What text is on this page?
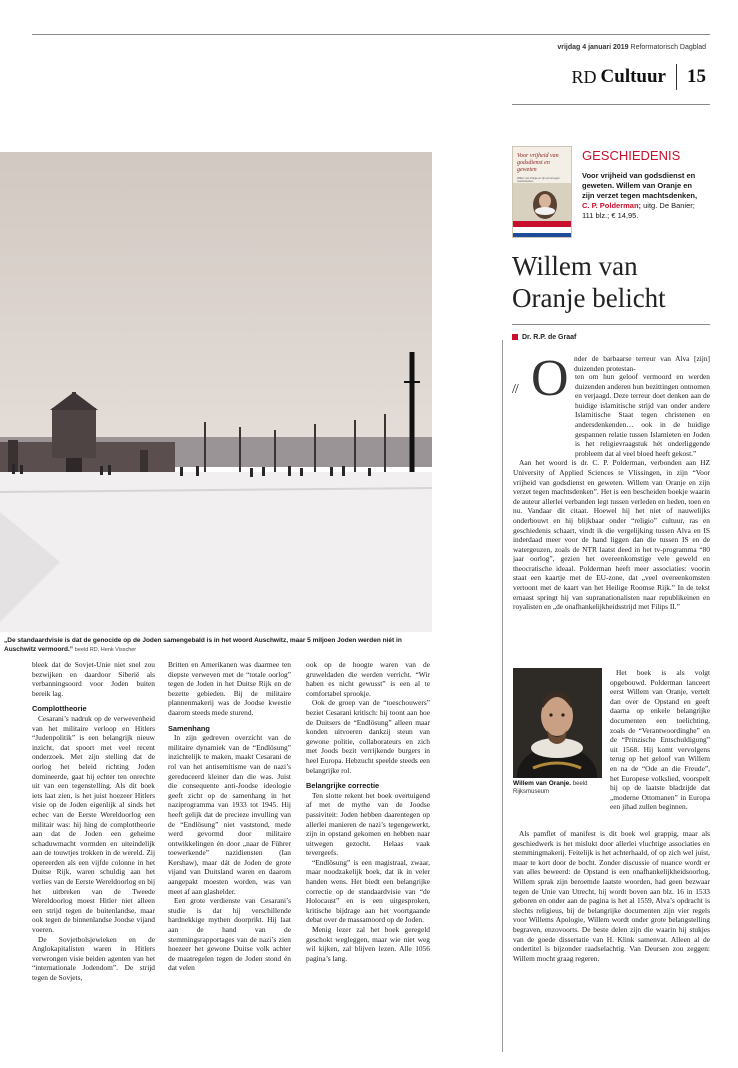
vrijdag 4 januari 2019 Reformatorisch Dagblad
RD Cultuur 15
„De standaardvisie is dat de genocide op de Joden samengebald is in het woord Auschwitz, maar 5 miljoen Joden werden niét in Auschwitz vermoord.” beeld RD, Henk Visscher
Voor vrijheid van godsdienst en geweten
Willem van Oranje en zijn verzet tegen machtsdenken
GESCHIEDENIS
Voor vrijheid van godsdienst en geweten. Willem van Oranje en zijn verzet tegen machtsdenken, C. P. Polderman; uitg. De Banier; 111 blz.; € 14,95.
Willem van Oranje belicht
Dr. R.P. de Graaf
O
//

nder de barbaarse terreur van Alva [zijn] duizenden protestan-

ten om hun geloof vermoord en werden duizenden anderen hun bezittingen ontnomen en verjaagd. Deze terreur doet denken aan de huidige islamitische strijd van onder andere Islamitische Staat tegen christenen en andersdenkenden… ook in de huidige gespannen relatie tussen Islamieten en Joden is het religievraagstuk hét onderliggende probleem dat al veel bloed heeft gekost.”

Aan het woord is dr. C. P. Polderman, verbonden aan HZ University of Applied Sciences te Vlissingen, in zijn “Voor vrijheid van godsdienst en geweten. Willem van Oranje en zijn verzet tegen machtsdenken”. Het is een bescheiden boekje waarin de auteur allerlei verbanden legt tussen verleden en heden, toen en nu. Vandaar dit citaat. Hoewel hij het niet of nauwelijks onderbouwt en hij blijkbaar onder “religio” cultuur, ras en geschiedenis schaart, vindt ik die vergelijking tussen Alva en IS inderdaad meer voor de hand liggen dan die tussen IS en de watergeuzen, zoals de NTR laatst deed in het tv-programma “80 jaar oorlog”, gezien het overeenkomstige vele geweld en theocratische ideaal. Polderman heeft meer associaties: voorin staat een kaartje met de EU-zone, dat „veel overeenkomsten vertoont met de kaart van het Heilige Roomse Rijk.” In de tekst ernaast springt hij van supranationalisten naar republikeinen en royalisten en „de onafhankelijkheidsstrijd met Filips II.”

Willem van Oranje. beeld Rijksmuseum

Het boek is als volgt opgebouwd. Polderman lanceert eerst Willem van Oranje, vertelt dan over de Opstand en geeft daarna op enkele belangrijke documenten een toelichting, zoals de “Verantwoordinghe” en de “Prinzische Entschuldigung” uit 1568. Hij komt vervolgens terug op het geloof van Willem en na de “Ode an die Freude”, het Europese volkslied, voorspelt hij op de laatste bladzijde dat „moderne Ottomanen” in Europa een jihad zullen beginnen.

Als pamflet of manifest is dit boek wel grappig, maar als geschiedwerk is het mislukt door allerlei vluchtige associaties en stemmingmakerij. Feitelijk is het achterhaald, of op zich wel juist, maar te kort door de bocht. Zonder discussie of nuance wordt er van alles beweerd: de Opstand is een onafhankelijkheidsoorlog, Willem sprak zijn beroemde laatste woorden, had geen bezwaar tegen de Unie van Utrecht, hij wordt boven aan blz. 16 in 1533 geboren en onder aan de pagina is het al 1559, Alva’s opdracht is slechts religieus, bij de belangrijke documenten zijn vier regels voor Willems Apologie, Willem wordt onder grote belangstelling begraven, enzovoorts. De beste delen zijn die waarin hij stukjes van de goede dissertatie van H. Klink samenvat. Alleen al de ondertitel is bijzonder raadselachtig. Van Deursen zou zeggen: Willem mocht graag regeren.

bleek dat de Sovjet-Unie niet snel zou bezwijken en daardoor Siberië als verbanningsoord voor Joden buiten bereik lag.

Complottheorie

Cesarani’s nadruk op de verwevenheid van het militaire verloop en Hitlers “Judenpolitik” is een belangrijk nieuw inzicht, dat spoort met veel recent onderzoek. Met zijn stelling dat de oorlog het beleid richting Joden domineerde, gaat hij echter ten onrechte uit van een tegenstelling. Als dit boek iets laat zien, is het juist hoezeer Hitlers visie op de Joden eigenlijk al sinds het echec van de Eerste Wereldoorlog een militair was: hij hing de complottheorie aan dat de Joden een geheime schaduwmacht vormden en uiteindelijk aan de touwtjes trokken in de wereld. Zij opereerden als een vijfde colonne in het Duitse Rijk, waren schuldig aan het verlies van de Eerste Wereldoorlog en bij het uitbreken van de Tweede Wereldoorlog moest Hitler niet alleen een strijd tegen de buitenlandse, maar ook tegen de binnenlandse Joodse vijand voeren.

De Sovjetbolsjewieken en de Anglokapitalisten waren in Hitlers verwrongen visie beiden agenten van het “internationale Jodendom”. De strijd tegen de Sovjets,

Britten en Amerikanen was daarmee ten diepste verweven met de “totale oorlog” tegen de Joden in het Duitse Rijk en de bezette gebieden. Bij de militaire plannenmakerij was de Joodse kwestie daarom steeds mede sturend.

Samenhang

In zijn gedreven overzicht van de militaire dynamiek van de “Endlösung” inzichtelijk te maken, maakt Cesarani de rol van het antisemitisme van de nazi’s gereduceerd kleiner dan die was. Juist die consequente anti-Joodse ideologie geeft zicht op de samenhang in het naziprogramma van 1933 tot 1945. Hij heeft gelijk dat de precieze invulling van de “Endlösung” niet vaststond, mede werd gevormd door militaire ontwikkelingen én door „naar de Führer toewerkende” nazidiensten (Ian Kershaw), maar dát de Joden de grote vijand van Duitsland waren en daarom aangepakt moesten worden, was van meet af aan glashelder.

Een grote verdienste van Cesarani’s studie is dat hij verschillende hardnekkige mythen doorprikt. Hij laat aan de hand van de stemmingsrapportages van de nazi’s zien hoezeer het gewone Duitse volk achter de maatregelen tegen de Joden stond én dat velen

ook op de hoogte waren van de gruweldaden die werden verricht. “Wir haben es nicht gewusst” is een al te comfortabel sprookje.

Ook de groep van de “toeschouwers” beziet Cesarani kritisch: hij toont aan hoe de Duitsers de “Endlösung” alleen maar konden uitvoeren dankzij steun van gewone politie, collaborateurs en zich met Joods bezit verrijkende burgers in heel Europa. Hebzucht speelde steeds een belangrijke rol.

Belangrijke correctie

Ten slotte rekent het boek overtuigend af met de mythe van de Joodse passiviteit: Joden hebben daarentegen op allerlei manieren de nazi’s tegengewerkt, zijn in opstand gekomen en hebben naar uitwegen gezocht. Helaas vaak tevergeefs.

“Endlösung” is een magistraal, zwaar, maar noodzakelijk boek, dat ik in veler handen wens. Het biedt een belangrijke correctie op de standaardvisie van “de Holocaust” en is een uitgesproken, kritische bijdrage aan het voortgaande debat over de massamoord op de Joden.

Menig lezer zal het boek geregeld geschokt wegleggen, maar wie niet weg wil kijken, zal blijven lezen. Alle 1056 pagina’s lang.
